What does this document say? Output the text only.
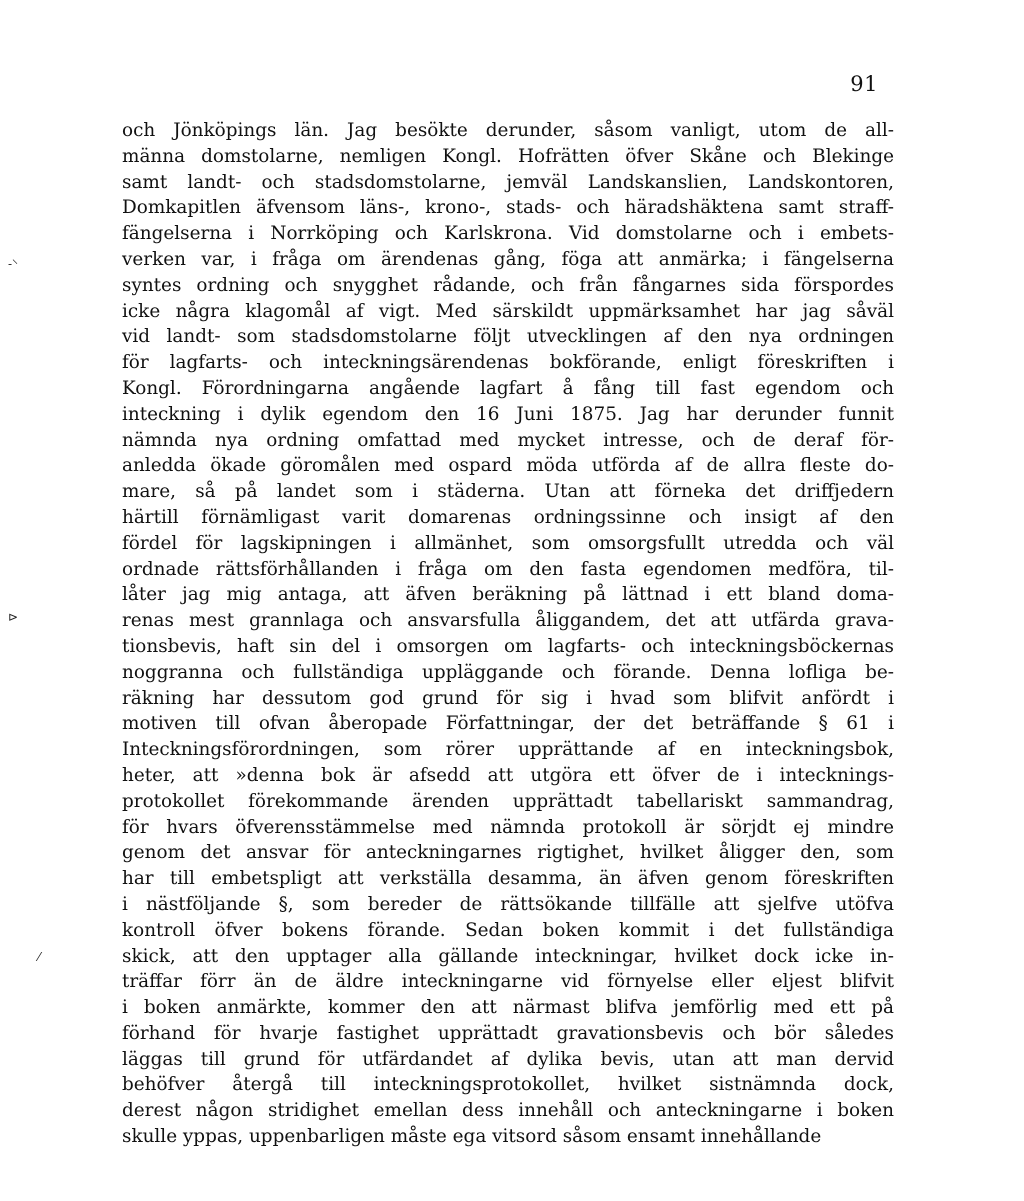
91
-⸌
⊳
⁄
och Jönköpings län. Jag besökte derunder, såsom vanligt, utom de all-
männa domstolarne, nemligen Kongl. Hofrätten öfver Skåne och Blekinge
samt landt- och stadsdomstolarne, jemväl Landskanslien, Landskontoren,
Domkapitlen äfvensom läns-, krono-, stads- och häradshäktena samt straff-
fängelserna i Norrköping och Karlskrona. Vid domstolarne och i embets-
verken var, i fråga om ärendenas gång, föga att anmärka; i fängelserna
syntes ordning och snygghet rådande, och från fångarnes sida förspordes
icke några klagomål af vigt. Med särskildt uppmärksamhet har jag såväl
vid landt- som stadsdomstolarne följt utvecklingen af den nya ordningen
för lagfarts- och inteckningsärendenas bokförande, enligt föreskriften i
Kongl. Förordningarna angående lagfart å fång till fast egendom och
inteckning i dylik egendom den 16 Juni 1875. Jag har derunder funnit
nämnda nya ordning omfattad med mycket intresse, och de deraf för-
anledda ökade göromålen med ospard möda utförda af de allra fleste do-
mare, så på landet som i städerna. Utan att förneka det driffjedern
härtill förnämligast varit domarenas ordningssinne och insigt af den
fördel för lagskipningen i allmänhet, som omsorgsfullt utredda och väl
ordnade rättsförhållanden i fråga om den fasta egendomen medföra, til-
låter jag mig antaga, att äfven beräkning på lättnad i ett bland doma-
renas mest grannlaga och ansvarsfulla åliggandem, det att utfärda grava-
tionsbevis, haft sin del i omsorgen om lagfarts- och inteckningsböckernas
noggranna och fullständiga uppläggande och förande. Denna lofliga be-
räkning har dessutom god grund för sig i hvad som blifvit anfördt i
motiven till ofvan åberopade Författningar, der det beträffande § 61 i
Inteckningsförordningen, som rörer upprättande af en inteckningsbok,
heter, att »denna bok är afsedd att utgöra ett öfver de i intecknings-
protokollet förekommande ärenden upprättadt tabellariskt sammandrag,
för hvars öfverensstämmelse med nämnda protokoll är sörjdt ej mindre
genom det ansvar för anteckningarnes rigtighet, hvilket åligger den, som
har till embetspligt att verkställa desamma, än äfven genom föreskriften
i nästföljande §, som bereder de rättsökande tillfälle att sjelfve utöfva
kontroll öfver bokens förande. Sedan boken kommit i det fullständiga
skick, att den upptager alla gällande inteckningar, hvilket dock icke in-
träffar förr än de äldre inteckningarne vid förnyelse eller eljest blifvit
i boken anmärkte, kommer den att närmast blifva jemförlig med ett på
förhand för hvarje fastighet upprättadt gravationsbevis och bör således
läggas till grund för utfärdandet af dylika bevis, utan att man dervid
behöfver återgå till inteckningsprotokollet, hvilket sistnämnda dock,
derest någon stridighet emellan dess innehåll och anteckningarne i boken
skulle yppas, uppenbarligen måste ega vitsord såsom ensamt innehållande
